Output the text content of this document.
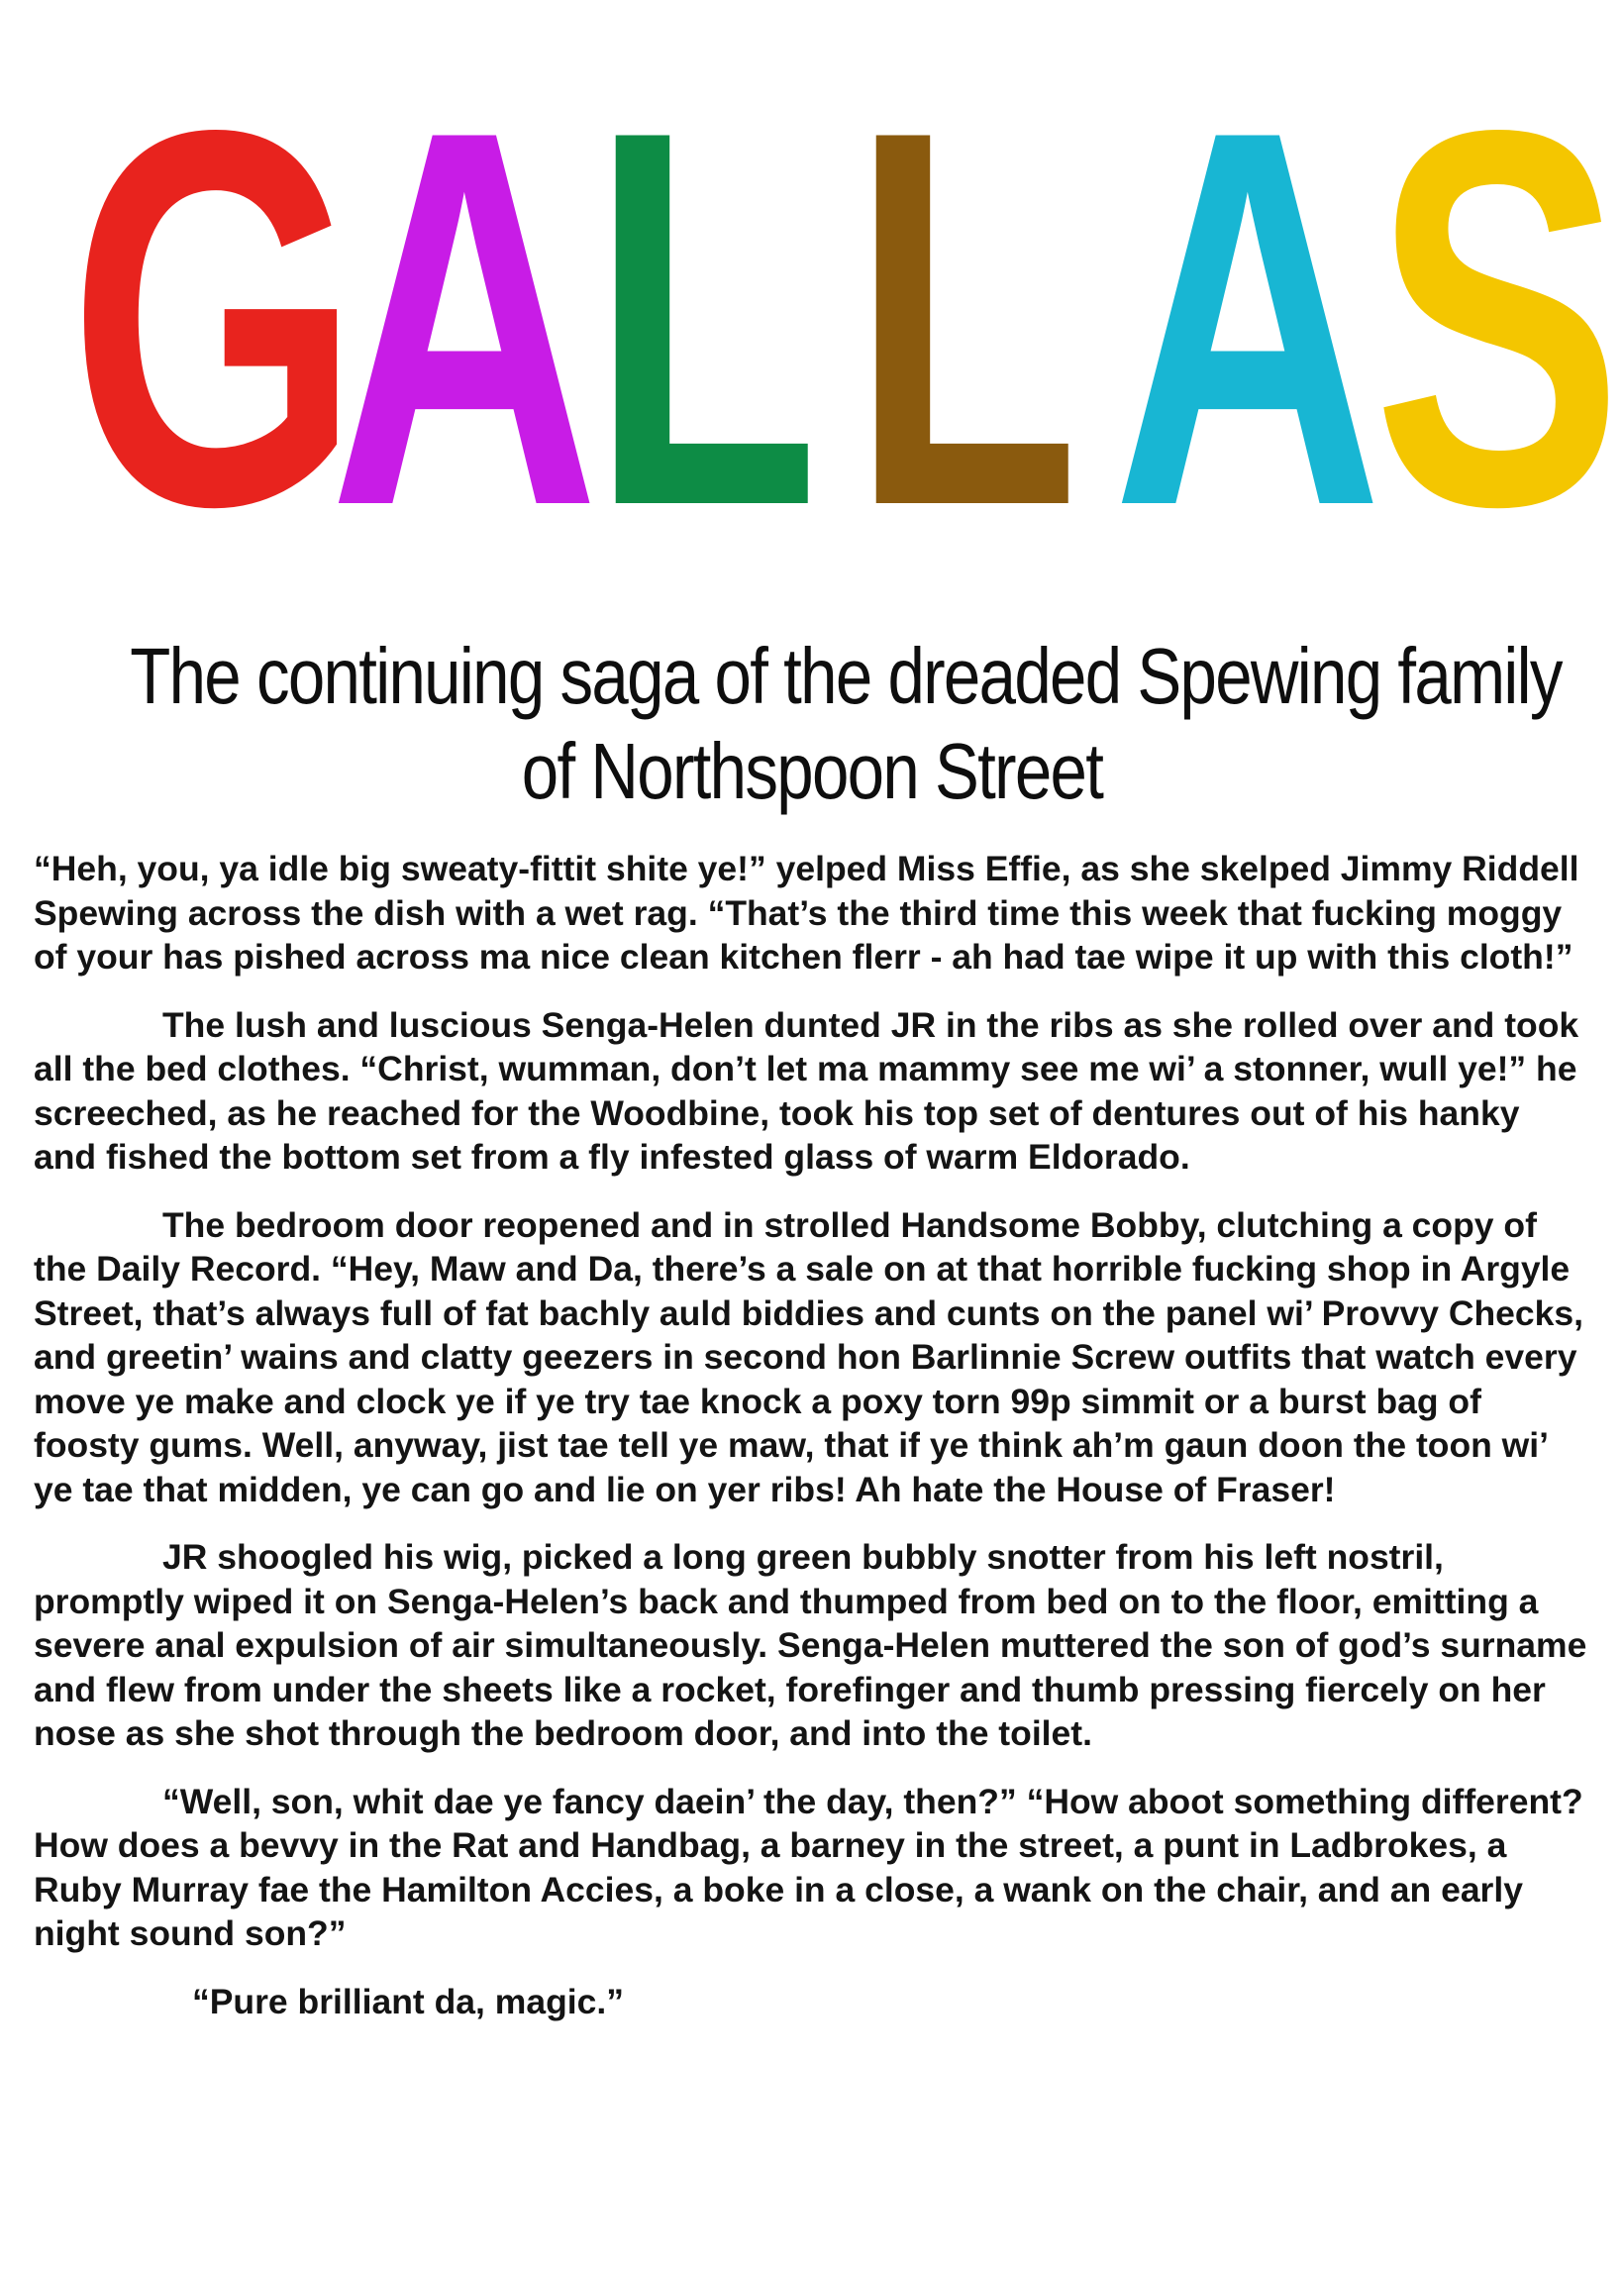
G
A
L L A
S
The continuing saga of the dreaded Spewing family
of Northspoon Street

“Heh, you, ya idle big sweaty-fittit shite ye!” yelped Miss Effie, as she skelped Jimmy Riddell Spewing across the dish with a wet rag. “That’s the third time this week that fucking moggy of your has pished across ma nice clean kitchen flerr - ah had tae wipe it up with this cloth!”

The lush and luscious Senga-Helen dunted JR in the ribs as she rolled over and took all the bed clothes. “Christ, wumman, don’t let ma mammy see me wi’ a stonner, wull ye!” he screeched, as he reached for the Woodbine, took his top set of dentures out of his hanky and fished the bottom set from a fly infested glass of warm Eldorado.

The bedroom door reopened and in strolled Handsome Bobby, clutching a copy of the Daily Record. “Hey, Maw and Da, there’s a sale on at that horrible fucking shop in Argyle Street, that’s always full of fat bachly auld biddies and cunts on the panel wi’ Provvy Checks, and greetin’ wains and clatty geezers in second hon Barlinnie Screw outfits that watch every move ye make and clock ye if ye try tae knock a poxy torn 99p simmit or a burst bag of foosty gums. Well, anyway, jist tae tell ye maw, that if ye think ah’m gaun doon the toon wi’ ye tae that midden, ye can go and lie on yer ribs! Ah hate the House of Fraser!

JR shoogled his wig, picked a long green bubbly snotter from his left nostril, promptly wiped it on Senga-Helen’s back and thumped from bed on to the floor, emitting a severe anal expulsion of air simultaneously. Senga-Helen muttered the son of god’s surname and flew from under the sheets like a rocket, forefinger and thumb pressing fiercely on her nose as she shot through the bedroom door, and into the toilet.

“Well, son, whit dae ye fancy daein’ the day, then?” “How aboot something different? How does a bevvy in the Rat and Handbag, a barney in the street, a punt in Ladbrokes, a Ruby Murray fae the Hamilton Accies, a boke in a close, a wank on the chair, and an early night sound son?”

“Pure brilliant da, magic.”
